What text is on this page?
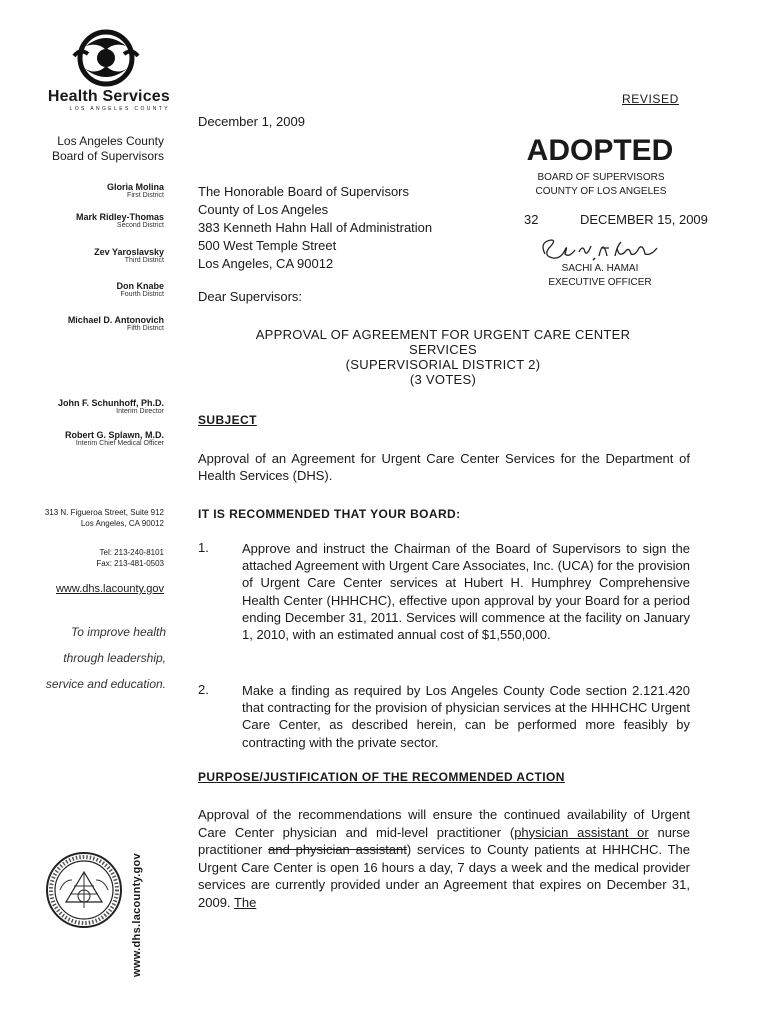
Health Services
LOS ANGELES COUNTY
Los Angeles County
Board of Supervisors
Gloria Molina
First District
Mark Ridley-Thomas
Second District
Zev Yaroslavsky
Third District
Don Knabe
Fourth District
Michael D. Antonovich
Fifth District
John F. Schunhoff, Ph.D.
Interim Director
Robert G. Splawn, M.D.
Interim Chief Medical Officer
313 N. Figueroa Street, Suite 912
Los Angeles, CA 90012
Tel: 213-240-8101
Fax: 213-481-0503
www.dhs.lacounty.gov
To improve health
through leadership,
service and education.
www.dhs.lacounty.gov
REVISED
December 1, 2009
ADOPTED
BOARD OF SUPERVISORS
COUNTY OF LOS ANGELES
32	DECEMBER 15, 2009
SACHI A. HAMAI
EXECUTIVE OFFICER
The Honorable Board of Supervisors
County of Los Angeles
383 Kenneth Hahn Hall of Administration
500 West Temple Street
Los Angeles, CA 90012
Dear Supervisors:
APPROVAL OF AGREEMENT FOR URGENT CARE CENTER
SERVICES
(SUPERVISORIAL DISTRICT 2)
(3 VOTES)
SUBJECT
Approval of an Agreement for Urgent Care Center Services for the Department of Health Services (DHS).
IT IS RECOMMENDED THAT YOUR BOARD:
1.	Approve and instruct the Chairman of the Board of Supervisors to sign the attached Agreement with Urgent Care Associates, Inc. (UCA) for the provision of Urgent Care Center services at Hubert H. Humphrey Comprehensive Health Center (HHHCHC), effective upon approval by your Board for a period ending December 31, 2011. Services will commence at the facility on January 1, 2010, with an estimated annual cost of $1,550,000.
2.	Make a finding as required by Los Angeles County Code section 2.121.420 that contracting for the provision of physician services at the HHHCHC Urgent Care Center, as described herein, can be performed more feasibly by contracting with the private sector.
PURPOSE/JUSTIFICATION OF THE RECOMMENDED ACTION
Approval of the recommendations will ensure the continued availability of Urgent Care Center physician and mid-level practitioner (physician assistant or nurse practitioner and physician assistant) services to County patients at HHHCHC. The Urgent Care Center is open 16 hours a day, 7 days a week and the medical provider services are currently provided under an Agreement that expires on December 31, 2009. The
